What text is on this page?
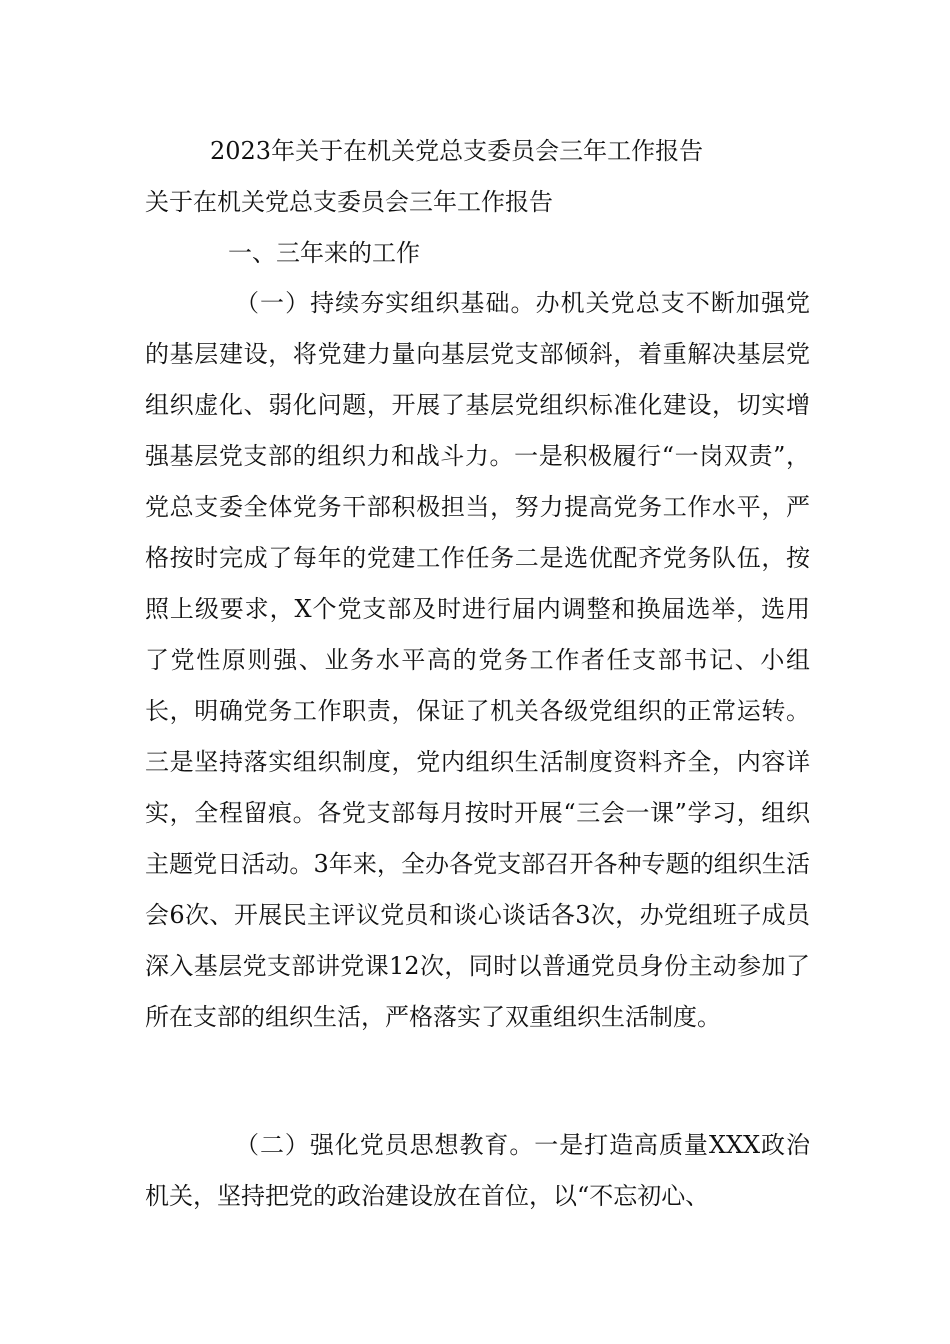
2023年关于在机关党总支委员会三年工作报告
关于在机关党总支委员会三年工作报告
一、三年来的工作

（一）持续夯实组织基础。办机关党总支不断加强党的基层建设，将党建力量向基层党支部倾斜，着重解决基层党组织虚化、弱化问题，开展了基层党组织标准化建设，切实增强基层党支部的组织力和战斗力。一是积极履行“一岗双责”，党总支委全体党务干部积极担当，努力提高党务工作水平，严格按时完成了每年的党建工作任务二是选优配齐党务队伍，按照上级要求，X个党支部及时进行届内调整和换届选举，选用了党性原则强、业务水平高的党务工作者任支部书记、小组长，明确党务工作职责，保证了机关各级党组织的正常运转。三是坚持落实组织制度，党内组织生活制度资料齐全，内容详实，全程留痕。各党支部每月按时开展“三会一课”学习，组织主题党日活动。3年来，全办各党支部召开各种专题的组织生活会6次、开展民主评议党员和谈心谈话各3次，办党组班子成员深入基层党支部讲党课12次，同时以普通党员身份主动参加了所在支部的组织生活，严格落实了双重组织生活制度。

（二）强化党员思想教育。一是打造高质量XXX政治机关，坚持把党的政治建设放在首位，以“不忘初心、
